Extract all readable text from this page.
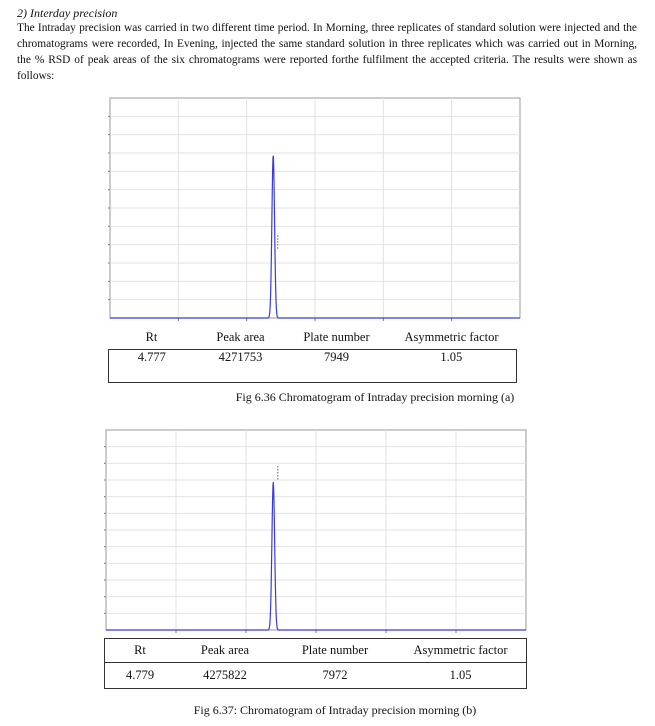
2) Interday precision
The Intraday precision was carried in two different time period. In Morning, three replicates of standard solution were injected and the chromatograms were recorded, In Evening, injected the same standard solution in three replicates which was carried out in Morning, the % RSD of peak areas of the six chromatograms were reported forthe fulfilment the accepted criteria. The results were shown as follows:
Rt	Peak area	Plate number	Asymmetric factor
4.777	4271753	7949	1.05
Fig 6.36 Chromatogram of Intraday precision morning (a)
Rt	Peak area	Plate number	Asymmetric factor
4.779	4275822	7972	1.05
Fig 6.37: Chromatogram of Intraday precision morning (b)
